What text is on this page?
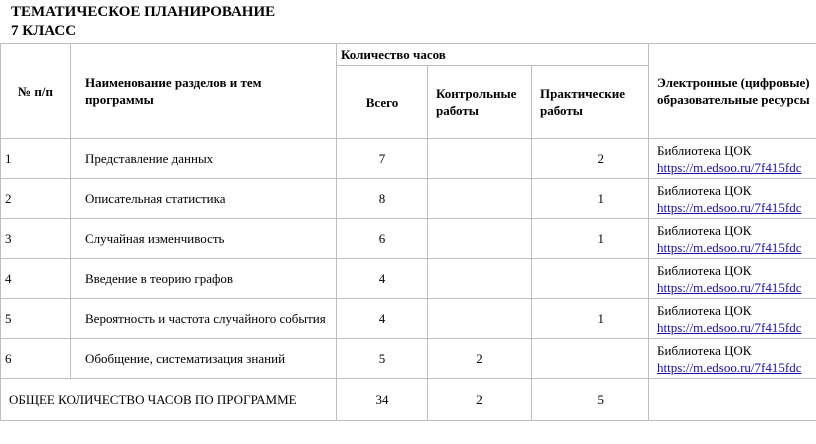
ТЕМАТИЧЕСКОЕ ПЛАНИРОВАНИЕ
7 КЛАСС
№ п/п	Наименование разделов и тем программы	Количество часов			Электронные (цифровые) образовательные ресурсы
		Всего	Контрольные работы	Практические работы	
1	Представление данных	7		2	Библиотека ЦОК
https://m.edsoo.ru/7f415fdc
2	Описательная статистика	8		1	Библиотека ЦОК
https://m.edsoo.ru/7f415fdc
3	Случайная изменчивость	6		1	Библиотека ЦОК
https://m.edsoo.ru/7f415fdc
4	Введение в теорию графов	4			Библиотека ЦОК
https://m.edsoo.ru/7f415fdc
5	Вероятность и частота случайного события	4		1	Библиотека ЦОК
https://m.edsoo.ru/7f415fdc
6	Обобщение, систематизация знаний	5	2		Библиотека ЦОК
https://m.edsoo.ru/7f415fdc
ОБЩЕЕ КОЛИЧЕСТВО ЧАСОВ ПО ПРОГРАММЕ		34	2	5	
